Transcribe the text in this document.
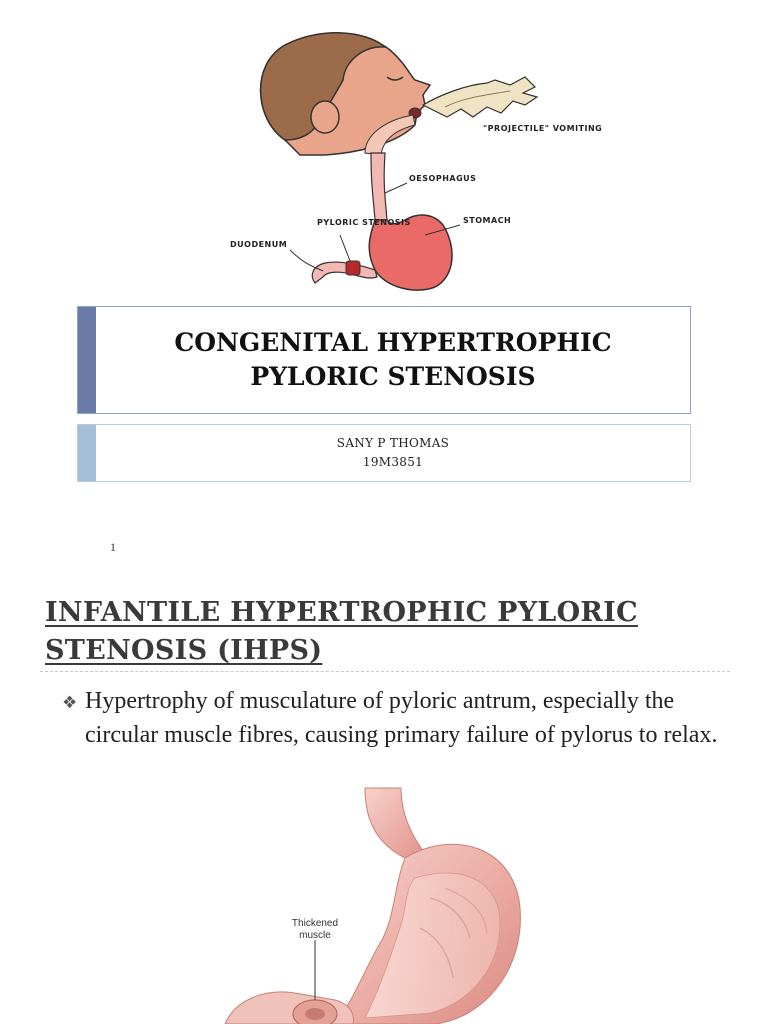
"PROJECTILE" VOMITING
OESOPHAGUS
STOMACH
PYLORIC STENOSIS
DUODENUM
CONGENITAL HYPERTROPHIC
PYLORIC STENOSIS
SANY P THOMAS
19M3851
1
INFANTILE HYPERTROPHIC PYLORIC
STENOSIS (IHPS)
❖ Hypertrophy of musculature of pyloric antrum, especially the circular muscle fibres, causing primary failure of pylorus to relax.
Thickened
muscle
